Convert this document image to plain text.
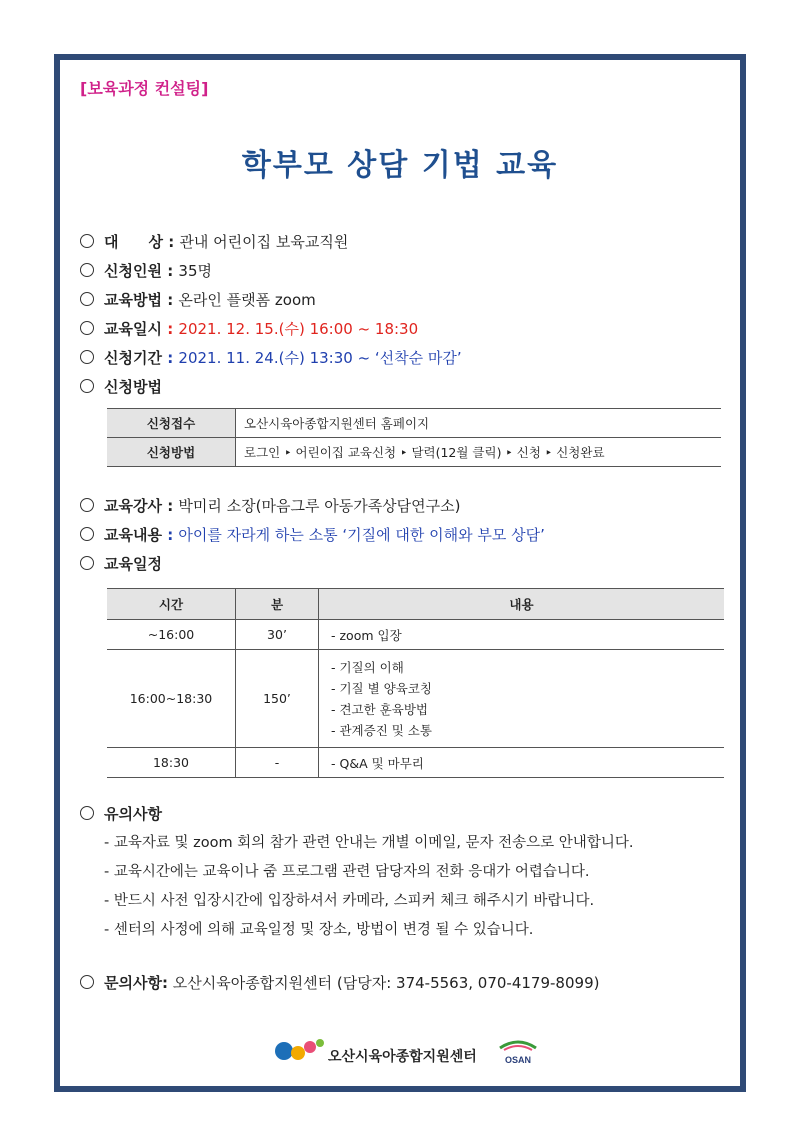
[보육과정 컨설팅]
학부모 상담 기법 교육
대　　상 : 관내 어린이집 보육교직원
신청인원 : 35명
교육방법 : 온라인 플랫폼 zoom
교육일시 : 2021. 12. 15.(수) 16:00 ~ 18:30
신청기간 : 2021. 11. 24.(수) 13:30 ~ ‘선착순 마감’
신청방법
신청접수	오산시육아종합지원센터 홈페이지
신청방법	로그인 ‣ 어린이집 교육신청 ‣ 달력(12월 클릭) ‣ 신청 ‣ 신청완료
교육강사 : 박미리 소장(마음그루 아동가족상담연구소)
교육내용 : 아이를 자라게 하는 소통 ‘기질에 대한 이해와 부모 상담’
교육일정
시간	분	내용
~16:00	30’	- zoom 입장
16:00~18:30	150’	- 기질의 이해
- 기질 별 양육코칭
- 견고한 훈육방법
- 관계증진 및 소통

18:30	-	- Q&A 및 마무리
유의사항
- 교육자료 및 zoom 회의 참가 관련 안내는 개별 이메일, 문자 전송으로 안내합니다.
- 교육시간에는 교육이나 줌 프로그램 관련 담당자의 전화 응대가 어렵습니다.
- 반드시 사전 입장시간에 입장하셔서 카메라, 스피커 체크 해주시기 바랍니다.
- 센터의 사정에 의해 교육일정 및 장소, 방법이 변경 될 수 있습니다.
문의사항: 오산시육아종합지원센터 (담당자: 374-5563, 070-4179-8099)
오산시육아종합지원센터	OSAN
